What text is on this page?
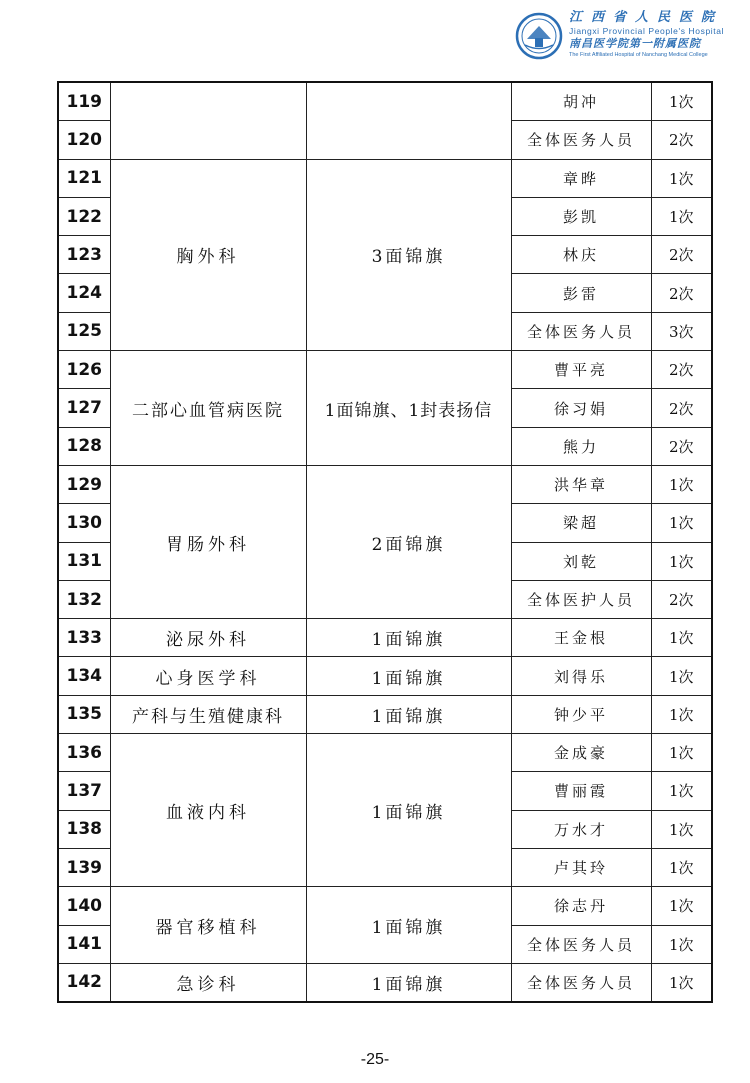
江西省人民医院
Jiangxi Provincial People's Hospital
南昌医学院第一附属医院
The First Affiliated Hospital of Nanchang Medical College
119			胡冲	1次
120			全体医务人员	2次
121	胸外科	3面锦旗	章晔	1次
122			彭凯	1次
123			林庆	2次
124			彭雷	2次
125			全体医务人员	3次
126	二部心血管病医院	1面锦旗、1封表扬信	曹平亮	2次
127			徐习娟	2次
128			熊力	2次
129	胃肠外科	2面锦旗	洪华章	1次
130			梁超	1次
131			刘乾	1次
132			全体医护人员	2次
133	泌尿外科	1面锦旗	王金根	1次
134	心身医学科	1面锦旗	刘得乐	1次
135	产科与生殖健康科	1面锦旗	钟少平	1次
136	血液内科	1面锦旗	金成豪	1次
137			曹丽霞	1次
138			万水才	1次
139			卢其玲	1次
140	器官移植科	1面锦旗	徐志丹	1次
141			全体医务人员	1次
142	急诊科	1面锦旗	全体医务人员	1次
-25-
